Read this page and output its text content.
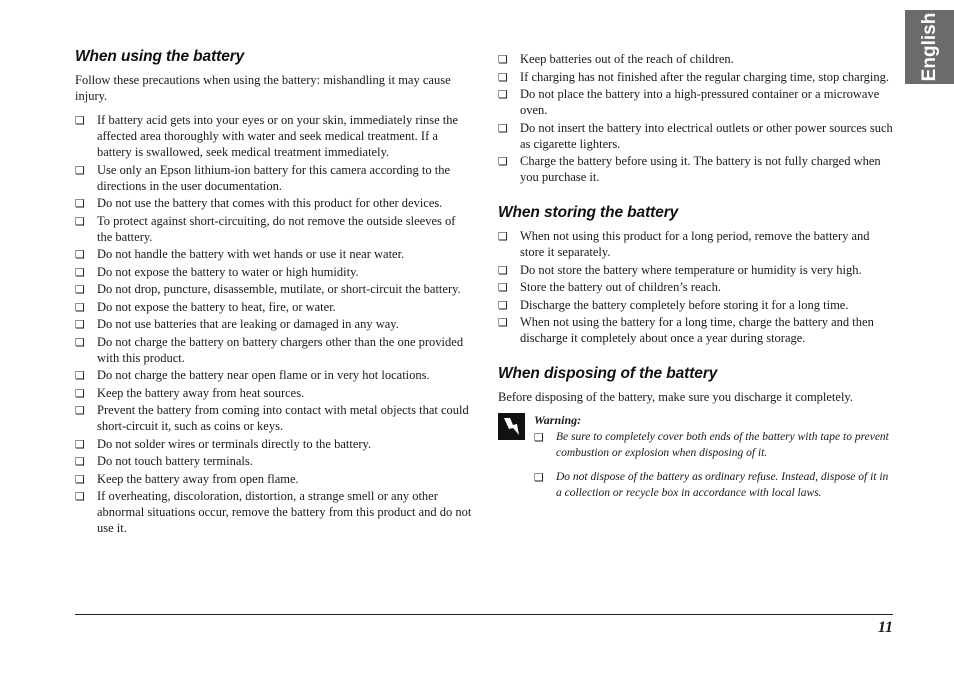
English
When using the battery

Follow these precautions when using the battery: mishandling it may cause injury.

❑ If battery acid gets into your eyes or on your skin, immediately rinse the affected area thoroughly with water and seek medical treatment. If a battery is swallowed, seek medical treatment immediately.
❑ Use only an Epson lithium-ion battery for this camera according to the directions in the user documentation.
❑ Do not use the battery that comes with this product for other devices.
❑ To protect against short-circuiting, do not remove the outside sleeves of the battery.
❑ Do not handle the battery with wet hands or use it near water.
❑ Do not expose the battery to water or high humidity.
❑ Do not drop, puncture, disassemble, mutilate, or short-circuit the battery.
❑ Do not expose the battery to heat, fire, or water.
❑ Do not use batteries that are leaking or damaged in any way.
❑ Do not charge the battery on battery chargers other than the one provided with this product.
❑ Do not charge the battery near open flame or in very hot locations.
❑ Keep the battery away from heat sources.
❑ Prevent the battery from coming into contact with metal objects that could short-circuit it, such as coins or keys.
❑ Do not solder wires or terminals directly to the battery.
❑ Do not touch battery terminals.
❑ Keep the battery away from open flame.
❑ If overheating, discoloration, distortion, a strange smell or any other abnormal situations occur, remove the battery from this product and do not use it.
❑ Keep batteries out of the reach of children.
❑ If charging has not finished after the regular charging time, stop charging.
❑ Do not place the battery into a high-pressured container or a microwave oven.
❑ Do not insert the battery into electrical outlets or other power sources such as cigarette lighters.
❑ Charge the battery before using it. The battery is not fully charged when you purchase it.
When storing the battery
❑ When not using this product for a long period, remove the battery and store it separately.
❑ Do not store the battery where temperature or humidity is very high.
❑ Store the battery out of children’s reach.
❑ Discharge the battery completely before storing it for a long time.
❑ When not using the battery for a long time, charge the battery and then discharge it completely about once a year during storage.
When disposing of the battery

Before disposing of the battery, make sure you discharge it completely.

Warning:

❑ Be sure to completely cover both ends of the battery with tape to prevent combustion or explosion when disposing of it.
❑ Do not dispose of the battery as ordinary refuse. Instead, dispose of it in a collection or recycle box in accordance with local laws.
11
